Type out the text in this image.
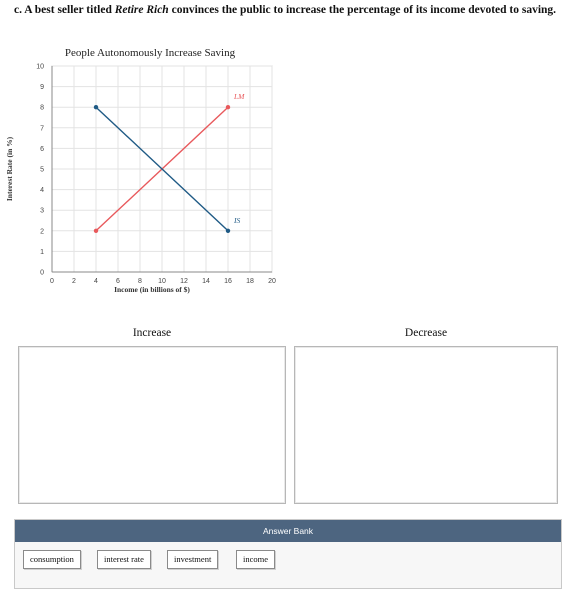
c. A best seller titled Retire Rich convinces the public to increase the percentage of its income devoted to saving.
People Autonomously Increase Saving
0	2	4	6	8 10 12 14 16 18 20
0
1
2
3
4
5
6
7
8
9
10
Income (in billions of $)
Interest Rate (in %)
LM
IS
Increase	Decrease
Answer Bank
consumption	interest rate	investment	income
